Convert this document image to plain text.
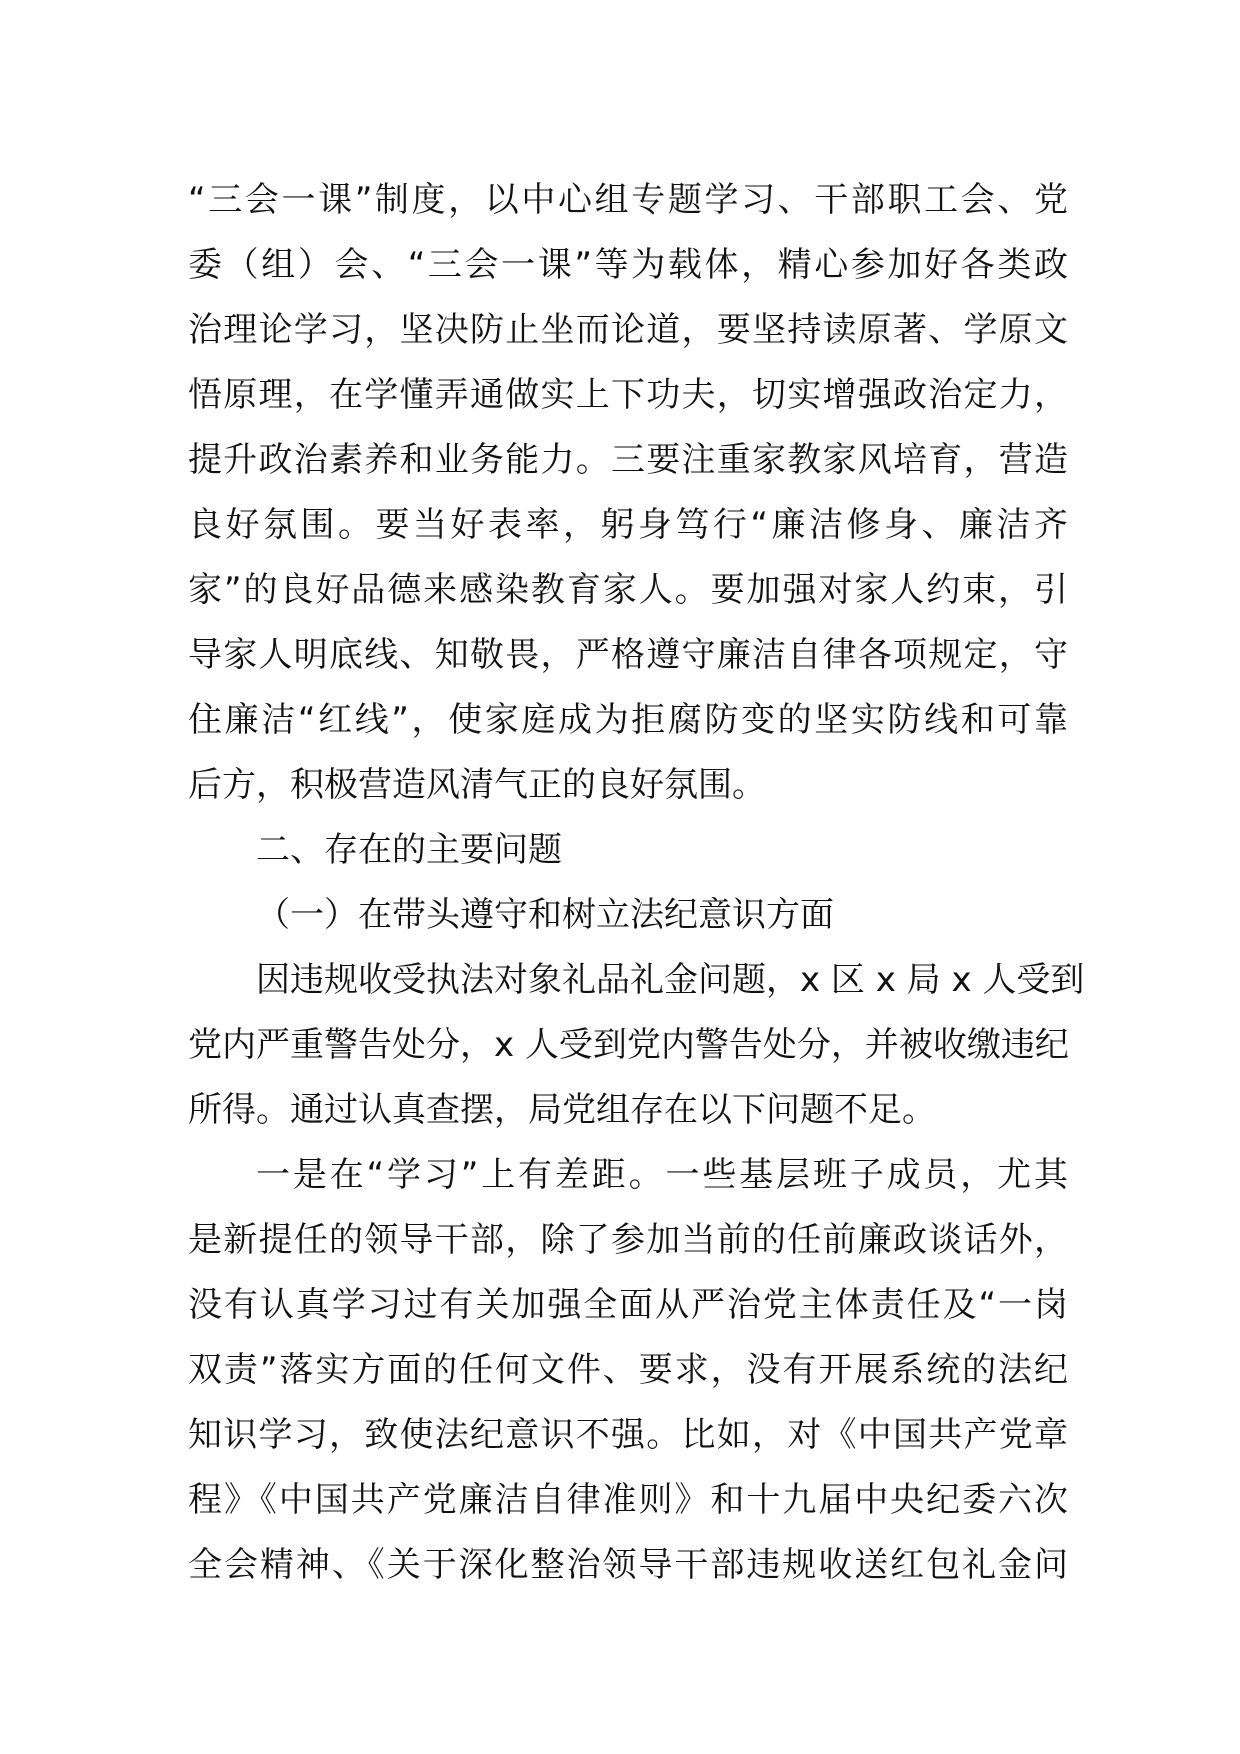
“三会一课”制度，以中心组专题学习、干部职工会、党
委（组）会、“三会一课”等为载体，精心参加好各类政
治理论学习，坚决防止坐而论道，要坚持读原著、学原文
悟原理，在学懂弄通做实上下功夫，切实增强政治定力，
提升政治素养和业务能力。三要注重家教家风培育，营造
良好氛围。要当好表率，躬身笃行“廉洁修身、廉洁齐
家”的良好品德来感染教育家人。要加强对家人约束，引
导家人明底线、知敬畏，严格遵守廉洁自律各项规定，守
住廉洁“红线”，使家庭成为拒腐防变的坚实防线和可靠
后方，积极营造风清气正的良好氛围。
二、存在的主要问题
（一）在带头遵守和树立法纪意识方面
因违规收受执法对象礼品礼金问题，x 区 x 局 x 人受到
党内严重警告处分，x 人受到党内警告处分，并被收缴违纪
所得。通过认真查摆，局党组存在以下问题不足。
一是在“学习”上有差距。一些基层班子成员，尤其
是新提任的领导干部，除了参加当前的任前廉政谈话外，
没有认真学习过有关加强全面从严治党主体责任及“一岗
双责”落实方面的任何文件、要求，没有开展系统的法纪
知识学习，致使法纪意识不强。比如，对《中国共产党章
程》《中国共产党廉洁自律准则》和十九届中央纪委六次
全会精神、《关于深化整治领导干部违规收送红包礼金问
